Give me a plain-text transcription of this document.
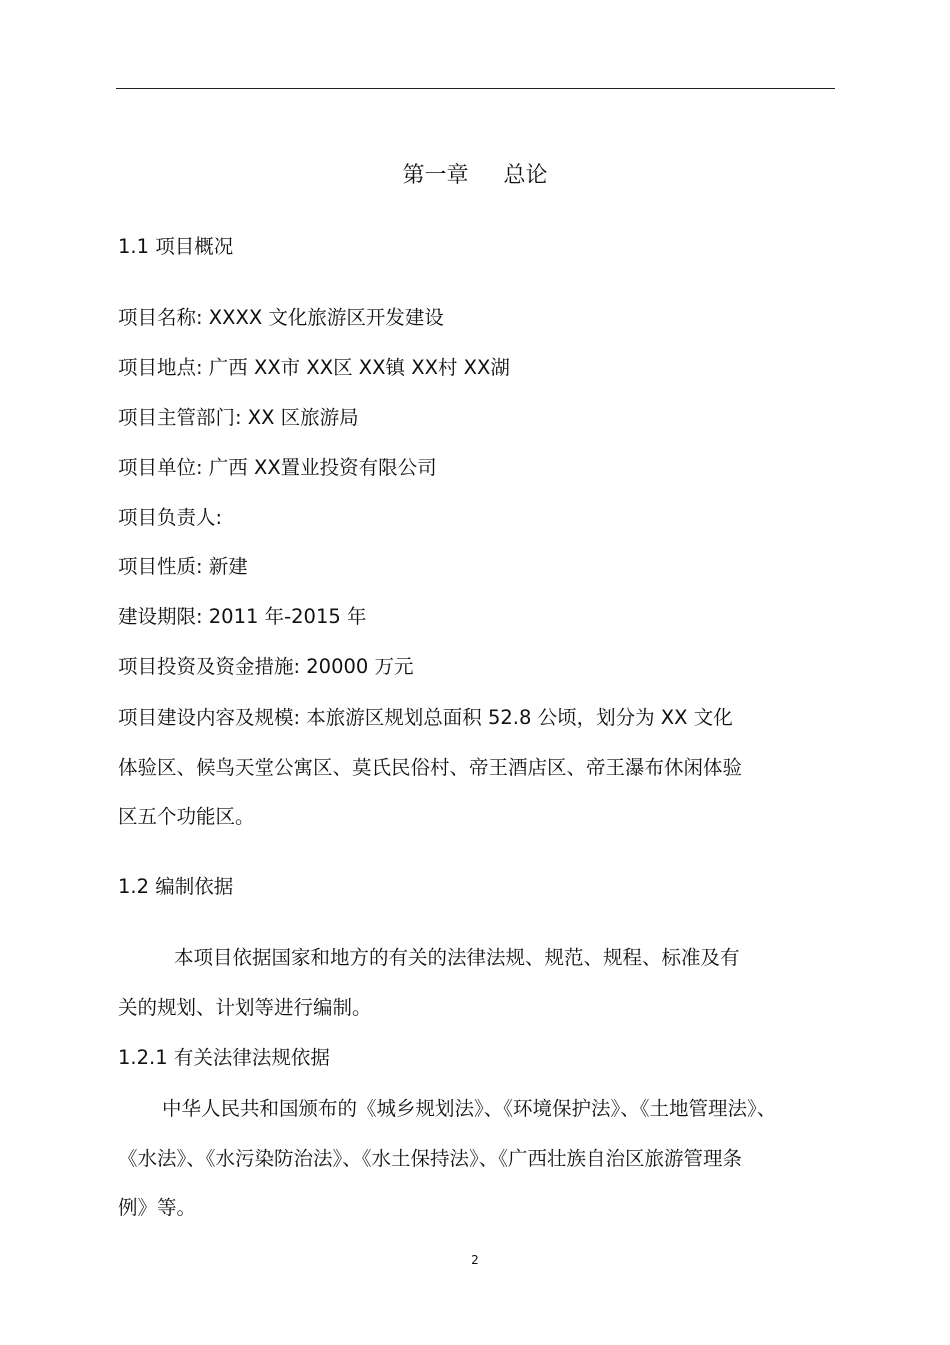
第一章     总论
1.1 项目概况
项目名称: XXXX 文化旅游区开发建设
项目地点: 广西 XX市 XX区 XX镇 XX村 XX湖
项目主管部门: XX 区旅游局
项目单位: 广西 XX置业投资有限公司
项目负责人:
项目性质: 新建
建设期限: 2011 年-2015 年
项目投资及资金措施: 20000 万元
项目建设内容及规模: 本旅游区规划总面积 52.8 公顷，划分为 XX 文化
体验区、候鸟天堂公寓区、莫氏民俗村、帝王酒店区、帝王瀑布休闲体验
区五个功能区。
1.2 编制依据
本项目依据国家和地方的有关的法律法规、规范、规程、标准及有
关的规划、计划等进行编制。
1.2.1 有关法律法规依据
中华人民共和国颁布的《城乡规划法》、《环境保护法》、《土地管理法》、
《水法》、《水污染防治法》、《水土保持法》、《广西壮族自治区旅游管理条
例》等。
2
